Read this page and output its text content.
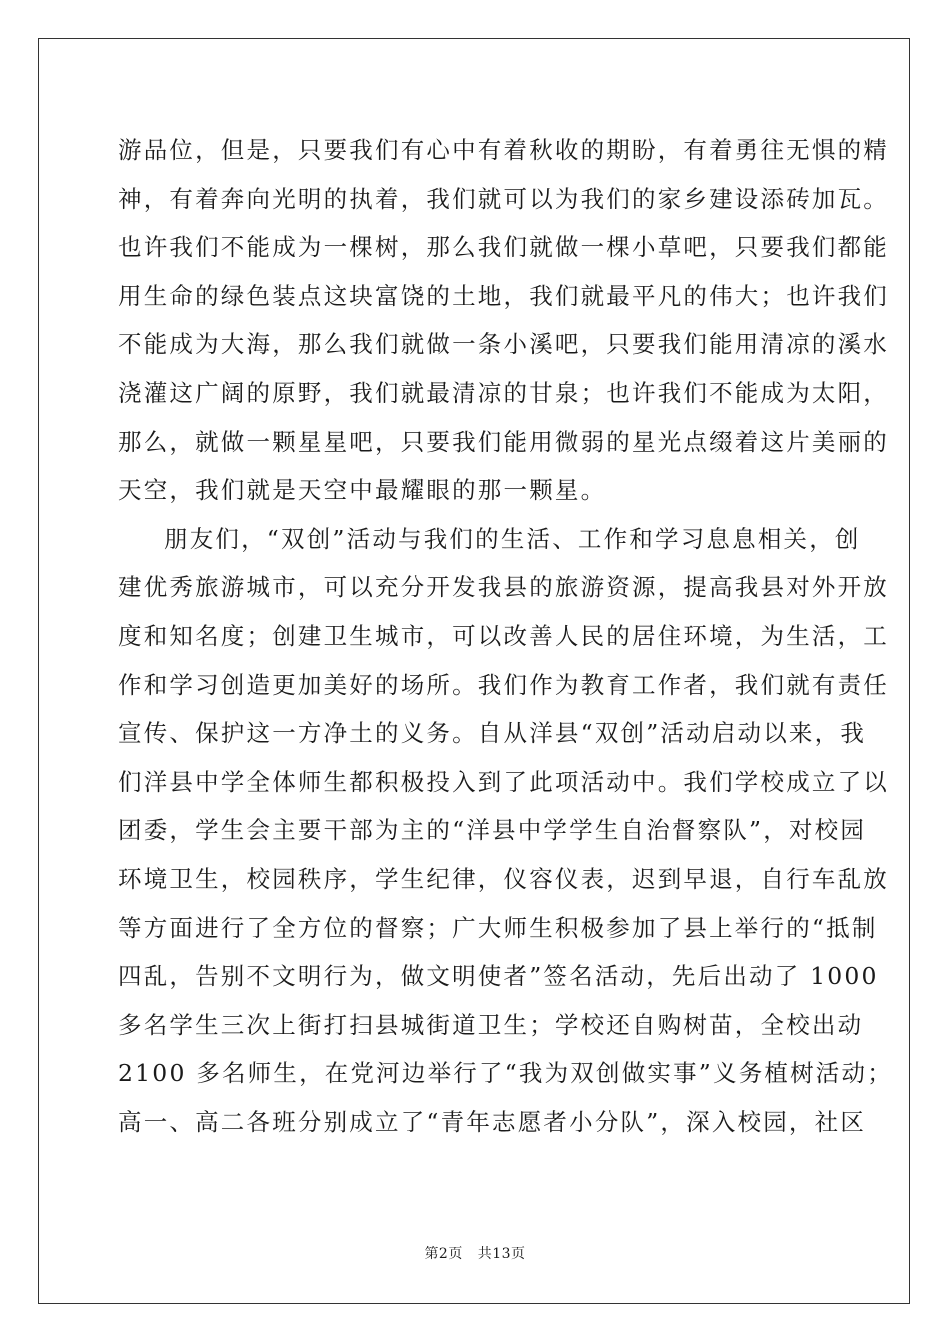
游品位，但是，只要我们有心中有着秋收的期盼，有着勇往无惧的精
神，有着奔向光明的执着，我们就可以为我们的家乡建设添砖加瓦。
也许我们不能成为一棵树，那么我们就做一棵小草吧，只要我们都能
用生命的绿色装点这块富饶的土地，我们就最平凡的伟大；也许我们
不能成为大海，那么我们就做一条小溪吧，只要我们能用清凉的溪水
浇灌这广阔的原野，我们就最清凉的甘泉；也许我们不能成为太阳，
那么，就做一颗星星吧，只要我们能用微弱的星光点缀着这片美丽的
天空，我们就是天空中最耀眼的那一颗星。
朋友们，“双创”活动与我们的生活、工作和学习息息相关，创
建优秀旅游城市，可以充分开发我县的旅游资源，提高我县对外开放
度和知名度；创建卫生城市，可以改善人民的居住环境，为生活，工
作和学习创造更加美好的场所。我们作为教育工作者，我们就有责任
宣传、保护这一方净土的义务。自从洋县“双创”活动启动以来，我
们洋县中学全体师生都积极投入到了此项活动中。我们学校成立了以
团委，学生会主要干部为主的“洋县中学学生自治督察队”，对校园
环境卫生，校园秩序，学生纪律，仪容仪表，迟到早退，自行车乱放
等方面进行了全方位的督察；广大师生积极参加了县上举行的“抵制
四乱，告别不文明行为，做文明使者”签名活动，先后出动了 1000
多名学生三次上街打扫县城街道卫生；学校还自购树苗，全校出动
2100 多名师生，在党河边举行了“我为双创做实事”义务植树活动；
高一、高二各班分别成立了“青年志愿者小分队”，深入校园，社区
第2页 共13页
